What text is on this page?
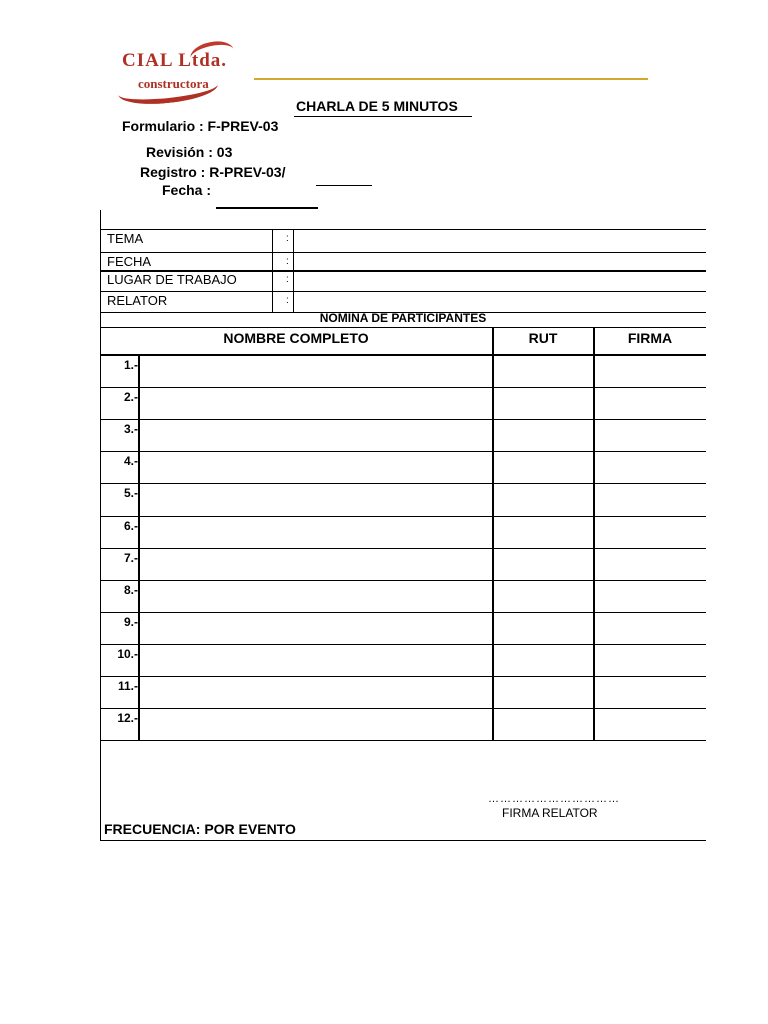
CIAL Ltda.
constructora
CHARLA DE 5 MINUTOS
Formulario : F-PREV-03
Revisión : 03
Registro : R-PREV-03/
Fecha :
TEMA
FECHA
LUGAR DE TRABAJO
RELATOR
:
:
:
:
NOMINA DE PARTICIPANTES
NOMBRE COMPLETO	RUT	FIRMA
1.-
2.-
3.-
4.-
5.-
6.-
7.-
8.-
9.-
10.-
11.-
12.-
……………………………
FIRMA RELATOR
FRECUENCIA: POR EVENTO
